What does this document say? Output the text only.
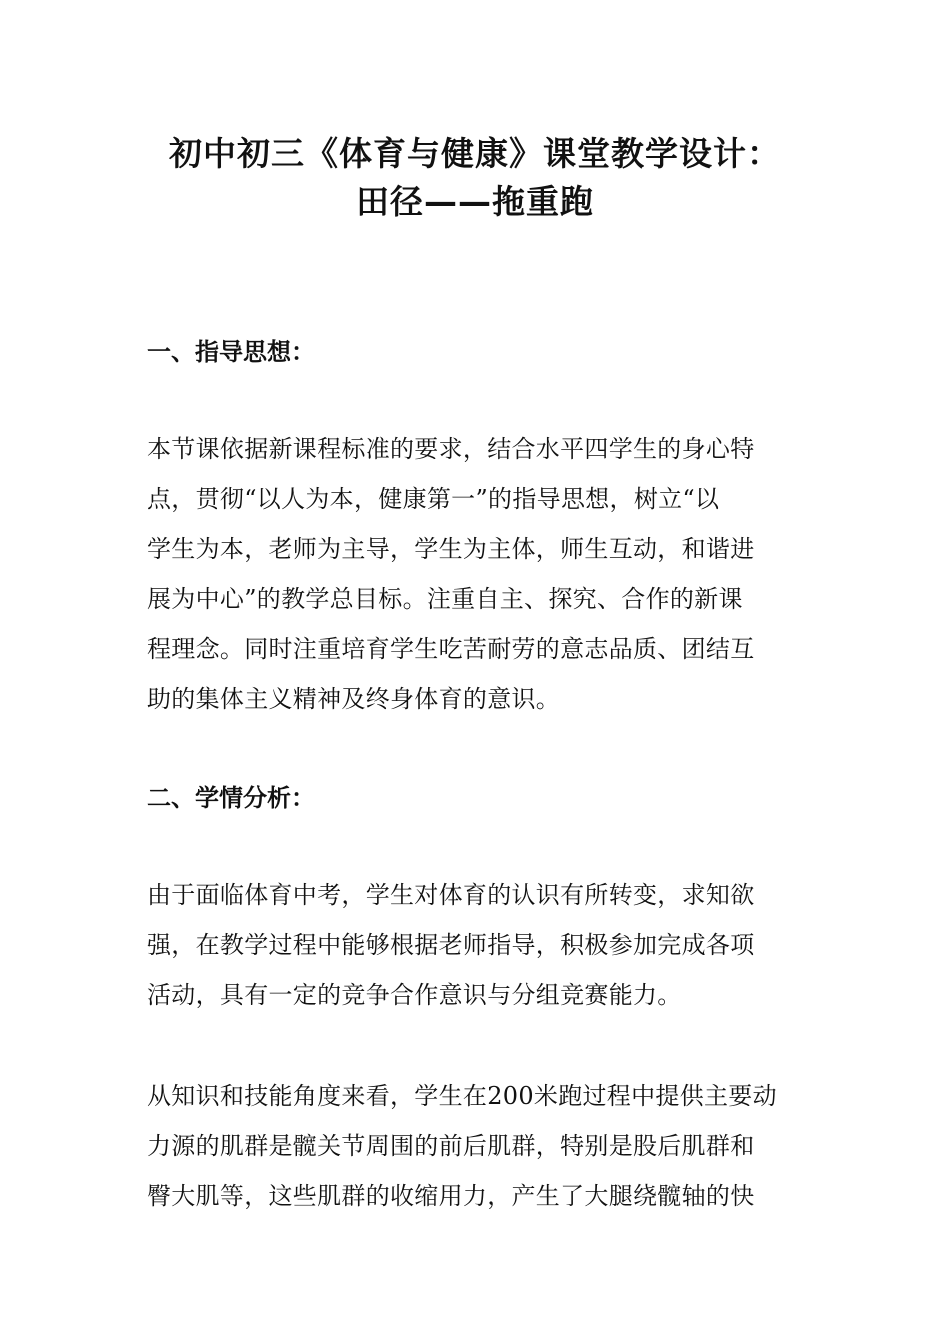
初中初三《体育与健康》课堂教学设计：
田径——拖重跑
一、指导思想：

本节课依据新课程标准的要求，结合水平四学生的身心特
点，贯彻“以人为本，健康第一”的指导思想，树立“以
学生为本，老师为主导，学生为主体，师生互动，和谐进
展为中心”的教学总目标。注重自主、探究、合作的新课
程理念。同时注重培育学生吃苦耐劳的意志品质、团结互
助的集体主义精神及终身体育的意识。

二、学情分析：

由于面临体育中考，学生对体育的认识有所转变，求知欲
强，在教学过程中能够根据老师指导，积极参加完成各项
活动，具有一定的竞争合作意识与分组竞赛能力。

从知识和技能角度来看，学生在200米跑过程中提供主要动
力源的肌群是髋关节周围的前后肌群，特别是股后肌群和
臀大肌等，这些肌群的收缩用力，产生了大腿绕髋轴的快
